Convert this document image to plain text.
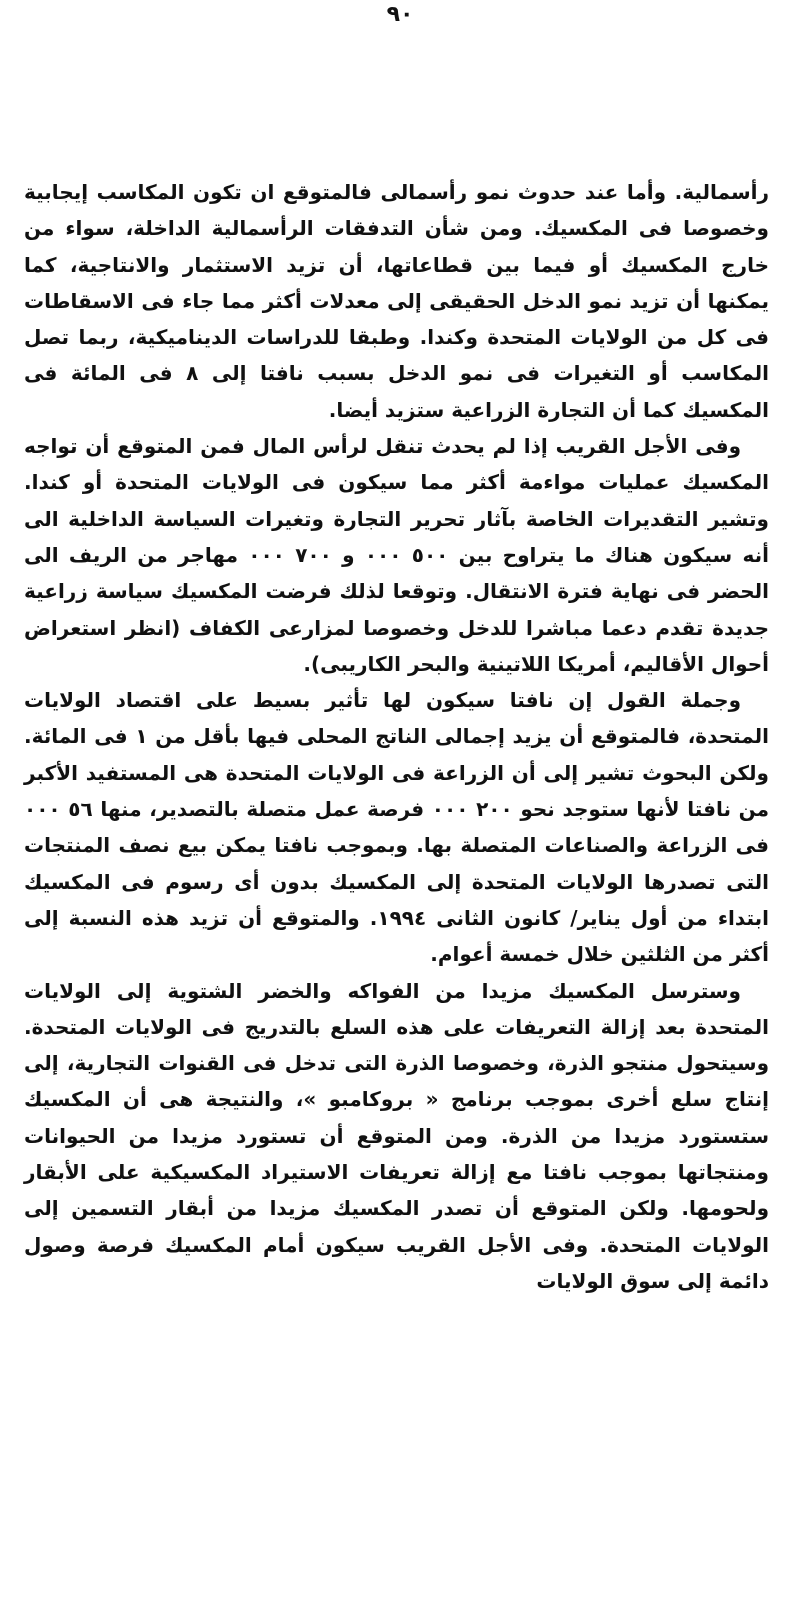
٩٠

رأسمالية. وأما عند حدوث نمو رأسمالى فالمتوقع ان تكون المكاسب إيجابية وخصوصا فى المكسيك. ومن شأن التدفقات الرأسمالية الداخلة، سواء من خارج المكسيك أو فيما بين قطاعاتها، أن تزيد الاستثمار والانتاجية، كما يمكنها أن تزيد نمو الدخل الحقيقى إلى معدلات أكثر مما جاء فى الاسقاطات فى كل من الولايات المتحدة وكندا. وطبقا للدراسات الديناميكية، ربما تصل المكاسب أو التغيرات فى نمو الدخل بسبب نافتا إلى ٨ فى المائة فى المكسيك كما أن التجارة الزراعية ستزيد أيضا.

وفى الأجل القريب إذا لم يحدث تنقل لرأس المال فمن المتوقع أن تواجه المكسيك عمليات مواءمة أكثر مما سيكون فى الولايات المتحدة أو كندا. وتشير التقديرات الخاصة بآثار تحرير التجارة وتغيرات السياسة الداخلية الى أنه سيكون هناك ما يتراوح بين ٥٠٠ ٠٠٠ و ٧٠٠ ٠٠٠ مهاجر من الريف الى الحضر فى نهاية فترة الانتقال. وتوقعا لذلك فرضت المكسيك سياسة زراعية جديدة تقدم دعما مباشرا للدخل وخصوصا لمزارعى الكفاف (انظر استعراض أحوال الأقاليم، أمريكا اللاتينية والبحر الكاريبى).

وجملة القول إن نافتا سيكون لها تأثير بسيط على اقتصاد الولايات المتحدة، فالمتوقع أن يزيد إجمالى الناتج المحلى فيها بأقل من ١ فى المائة. ولكن البحوث تشير إلى أن الزراعة فى الولايات المتحدة هى المستفيد الأكبر من نافتا لأنها ستوجد نحو ٢٠٠ ٠٠٠ فرصة عمل متصلة بالتصدير، منها ٥٦ ٠٠٠ فى الزراعة والصناعات المتصلة بها. وبموجب نافتا يمكن بيع نصف المنتجات التى تصدرها الولايات المتحدة إلى المكسيك بدون أى رسوم فى المكسيك ابتداء من أول يناير/ كانون الثانى ١٩٩٤. والمتوقع أن تزيد هذه النسبة إلى أكثر من الثلثين خلال خمسة أعوام.

وسترسل المكسيك مزيدا من الفواكه والخضر الشتوية إلى الولايات المتحدة بعد إزالة التعريفات على هذه السلع بالتدريج فى الولايات المتحدة. وسيتحول منتجو الذرة، وخصوصا الذرة التى تدخل فى القنوات التجارية، إلى إنتاج سلع أخرى بموجب برنامج « بروكامبو »، والنتيجة هى أن المكسيك ستستورد مزيدا من الذرة. ومن المتوقع أن تستورد مزيدا من الحيوانات ومنتجاتها بموجب نافتا مع إزالة تعريفات الاستيراد المكسيكية على الأبقار ولحومها. ولكن المتوقع أن تصدر المكسيك مزيدا من أبقار التسمين إلى الولايات المتحدة. وفى الأجل القريب سيكون أمام المكسيك فرصة وصول دائمة إلى سوق الولايات
